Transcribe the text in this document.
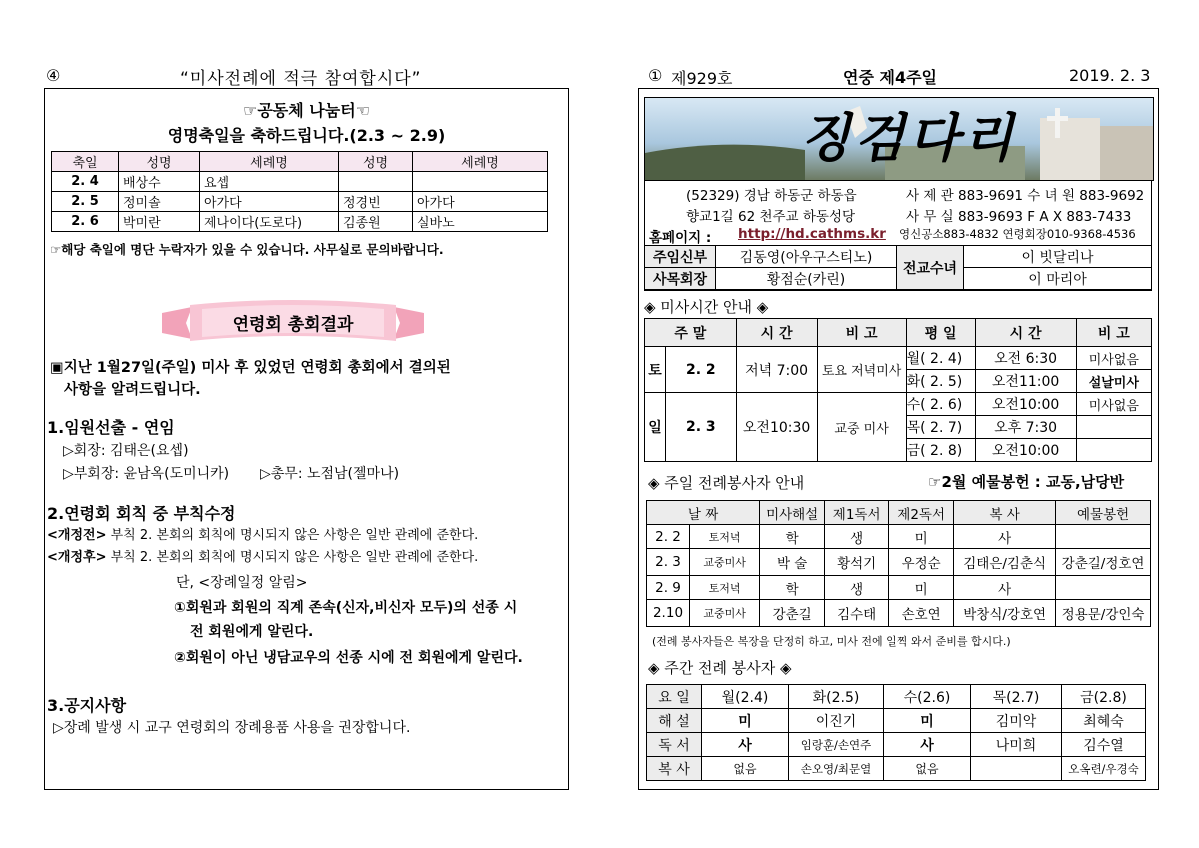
④	“미사전례에 적극 참여합시다”
☞공동체 나눔터☜
영명축일을 축하드립니다.(2.3 ~ 2.9)
축일	성명	세례명	성명	세례명
2. 4	배상수	요셉		
2. 5	정미솔	아가다	정경빈	아가다
2. 6	박미란	제나이다(도로다)	김종원	실바노
☞해당 축일에 명단 누락자가 있을 수 있습니다. 사무실로 문의바랍니다.
연령회 총회결과
▣지난 1월27일(주일) 미사 후 있었던 연령회 총회에서 결의된
사항을 알려드립니다.
1.임원선출 - 연임
▷회장: 김태은(요셉)
▷부회장: 윤남옥(도미니카) ▷총무: 노점남(젤마나)
2.연령회 회칙 중 부칙수정
<개정전> 부칙 2. 본회의 회칙에 명시되지 않은 사항은 일반 관례에 준한다.
<개정후> 부칙 2. 본회의 회칙에 명시되지 않은 사항은 일반 관례에 준한다.
단, <장례일정 알림>
①회원과 회원의 직계 존속(신자,비신자 모두)의 선종 시
전 회원에게 알린다.
②회원이 아닌 냉담교우의 선종 시에 전 회원에게 알린다.
3.공지사항
▷장례 발생 시 교구 연령회의 장례용품 사용을 권장합니다.
① 제929호	연중 제4주일	2019. 2. 3
징검다리
(52329) 경남 하동군 하동읍
향교1길 62 천주교 하동성당
홈페이지 : http://hd.cathms.kr
사 제 관 883-9691 수 녀 원 883-9692
사 무 실 883-9693 F A X 883-7433
영신공소883-4832 연령회장010-9368-4536
주임신부	김동영(아우구스티노)	전교수녀	이 빗달리나
사목회장	황점순(카린)		이 마리아
◈ 미사시간 안내 ◈
주 말		시 간	비 고	평 일	시 간	비 고
토	2. 2	저녁 7:00	토요 저녁미사	월( 2. 4)	오전 6:30	미사없음
				화( 2. 5)	오전11:00	설날미사
일	2. 3	오전10:30	교중 미사	수( 2. 6)	오전10:00	미사없음
				목( 2. 7)	오후 7:30	
				금( 2. 8)	오전10:00	
◈ 주일 전례봉사자 안내	☞2월 예물봉헌 : 교동,남당반
날 짜		미사해설	제1독서	제2독서	복 사	예물봉헌
2. 2	토저녁	학	생	미	사	
2. 3	교중미사	박 술	황석기	우정순	김태은/김춘식	강춘길/정호연
2. 9	토저녁	학	생	미	사	
2.10	교중미사	강춘길	김수태	손호연	박창식/강호연	정용문/강인숙
(전례 봉사자들은 복장을 단정히 하고, 미사 전에 일찍 와서 준비를 합시다.)
◈ 주간 전례 봉사자 ◈
요 일	월(2.4)	화(2.5)	수(2.6)	목(2.7)	금(2.8)
해 설	미	이진기	미	김미악	최혜숙
독 서	사	임랑훈/손연주	사	나미희	김수열
복 사	없음	손오영/최문열	없음		오옥련/우경숙
